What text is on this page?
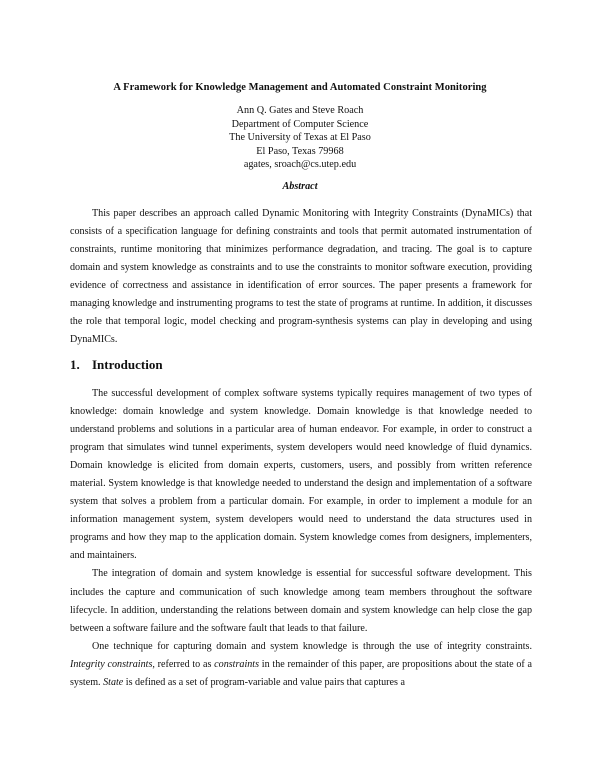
A Framework for Knowledge Management and Automated Constraint Monitoring
Ann Q. Gates and Steve Roach
Department of Computer Science
The University of Texas at El Paso
El Paso, Texas 79968
agates, sroach@cs.utep.edu
Abstract

This paper describes an approach called Dynamic Monitoring with Integrity Constraints (DynaMICs) that consists of a specification language for defining constraints and tools that permit automated instrumentation of constraints, runtime monitoring that minimizes performance degradation, and tracing. The goal is to capture domain and system knowledge as constraints and to use the constraints to monitor software execution, providing evidence of correctness and assistance in identification of error sources. The paper presents a framework for managing knowledge and instrumenting programs to test the state of programs at runtime. In addition, it discusses the role that temporal logic, model checking and program-synthesis systems can play in developing and using DynaMICs.

1. Introduction

The successful development of complex software systems typically requires management of two types of knowledge: domain knowledge and system knowledge. Domain knowledge is that knowledge needed to understand problems and solutions in a particular area of human endeavor. For example, in order to construct a program that simulates wind tunnel experiments, system developers would need knowledge of fluid dynamics. Domain knowledge is elicited from domain experts, customers, users, and possibly from written reference material. System knowledge is that knowledge needed to understand the design and implementation of a software system that solves a problem from a particular domain. For example, in order to implement a module for an information management system, system developers would need to understand the data structures used in programs and how they map to the application domain. System knowledge comes from designers, implementers, and maintainers.

The integration of domain and system knowledge is essential for successful software development. This includes the capture and communication of such knowledge among team members throughout the software lifecycle. In addition, understanding the relations between domain and system knowledge can help close the gap between a software failure and the software fault that leads to that failure.

One technique for capturing domain and system knowledge is through the use of integrity constraints. Integrity constraints, referred to as constraints in the remainder of this paper, are propositions about the state of a system. State is defined as a set of program-variable and value pairs that captures a
